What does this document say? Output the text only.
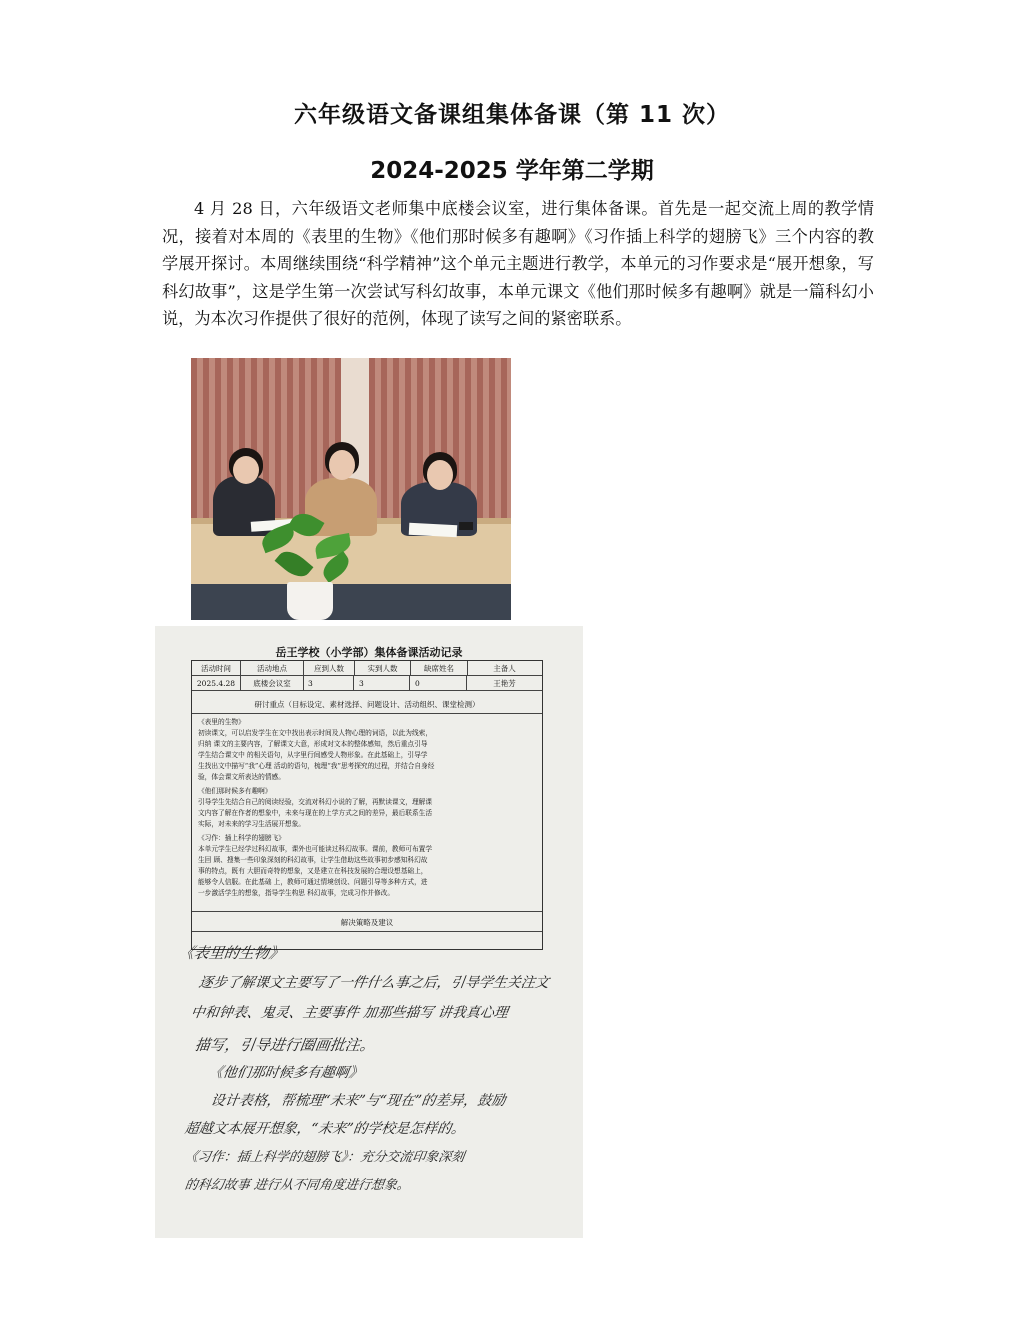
六年级语文备课组集体备课（第 11 次）
2024-2025 学年第二学期

4 月 28 日，六年级语文老师集中底楼会议室，进行集体备课。首先是一起交流上周的教学情况，接着对本周的《表里的生物》《他们那时候多有趣啊》《习作插上科学的翅膀飞》三个内容的教学展开探讨。本周继续围绕“科学精神”这个单元主题进行教学，本单元的习作要求是“展开想象，写科幻故事”，这是学生第一次尝试写科幻故事，本单元课文《他们那时候多有趣啊》就是一篇科幻小说，为本次习作提供了很好的范例，体现了读写之间的紧密联系。

岳王学校（小学部）集体备课活动记录
活动时间	活动地点	应到人数	实到人数	缺席姓名	主备人
2025.4.28	底楼会议室	3	3	0	王艳芳
研讨重点（目标设定、素材选择、问题设计、活动组织、课堂检测）

《表里的生物》

初读课文，可以启发学生在文中找出表示时间及人物心理的词语，以此为线索，

归纳 课文的主要内容，了解课文大意，形成对文本的整体感知，然后重点引导

学生结合课文中 的相关语句，从字里行间感受人物形象。在此基础上，引导学

生找出文中描写“我”心理 活动的语句，梳理“我”思考探究的过程，并结合自身经

验，体会课文所表达的情感。

《他们那时候多有趣啊》

引导学生先结合自己的阅读经验，交流对科幻小说的了解，再默读课文，理解课

文内容了解在作者的想象中，未来与现在的上学方式之间的差异，最后联系生活

实际，对未来的学习生活展开想象。

《习作：插上科学的翅膀飞》

本单元学生已经学过科幻故事，课外也可能读过科幻故事。课前，教师可布置学

生回 顾、搜集一些印象深刻的科幻故事，让学生借助这些故事初步感知科幻故

事的特点，既有 大胆而奇特的想象，又是建立在科技发展的合理设想基础上，

能够令人信服。在此基础 上，教师可通过情境创设、问题引导等多种方式，进

一步激活学生的想象，指导学生构思 科幻故事，完成习作并修改。

解决策略及建议
《表里的生物》
逐步了解课文主要写了一件什么事之后，引导学生关注文
中和钟表、鬼灵、主要事件 加那些描写 讲我真心理
描写，引导进行圈画批注。
《他们那时候多有趣啊》
设计表格，帮梳理“未来”与“现在”的差异，鼓励
超越文本展开想象，“未来”的学校是怎样的。
《习作：插上科学的翅膀飞》：充分交流印象深刻
的科幻故事 进行从不同角度进行想象。
